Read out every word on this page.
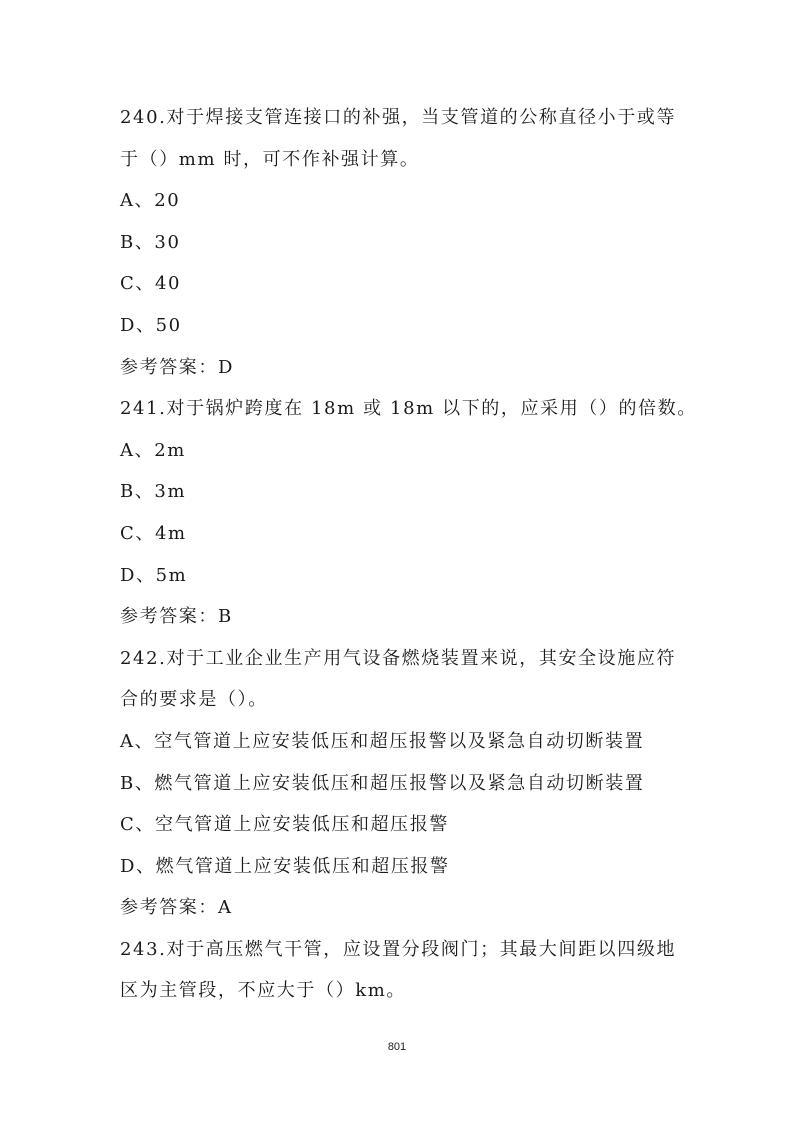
240.对于焊接支管连接口的补强，当支管道的公称直径小于或等
于（）mm 时，可不作补强计算。
A、20
B、30
C、40
D、50
参考答案：D
241.对于锅炉跨度在 18m 或 18m 以下的，应采用（）的倍数。
A、2m
B、3m
C、4m
D、5m
参考答案：B
242.对于工业企业生产用气设备燃烧装置来说，其安全设施应符
合的要求是（）。
A、空气管道上应安装低压和超压报警以及紧急自动切断装置
B、燃气管道上应安装低压和超压报警以及紧急自动切断装置
C、空气管道上应安装低压和超压报警
D、燃气管道上应安装低压和超压报警
参考答案：A
243.对于高压燃气干管，应设置分段阀门；其最大间距以四级地
区为主管段，不应大于（）km。
801
